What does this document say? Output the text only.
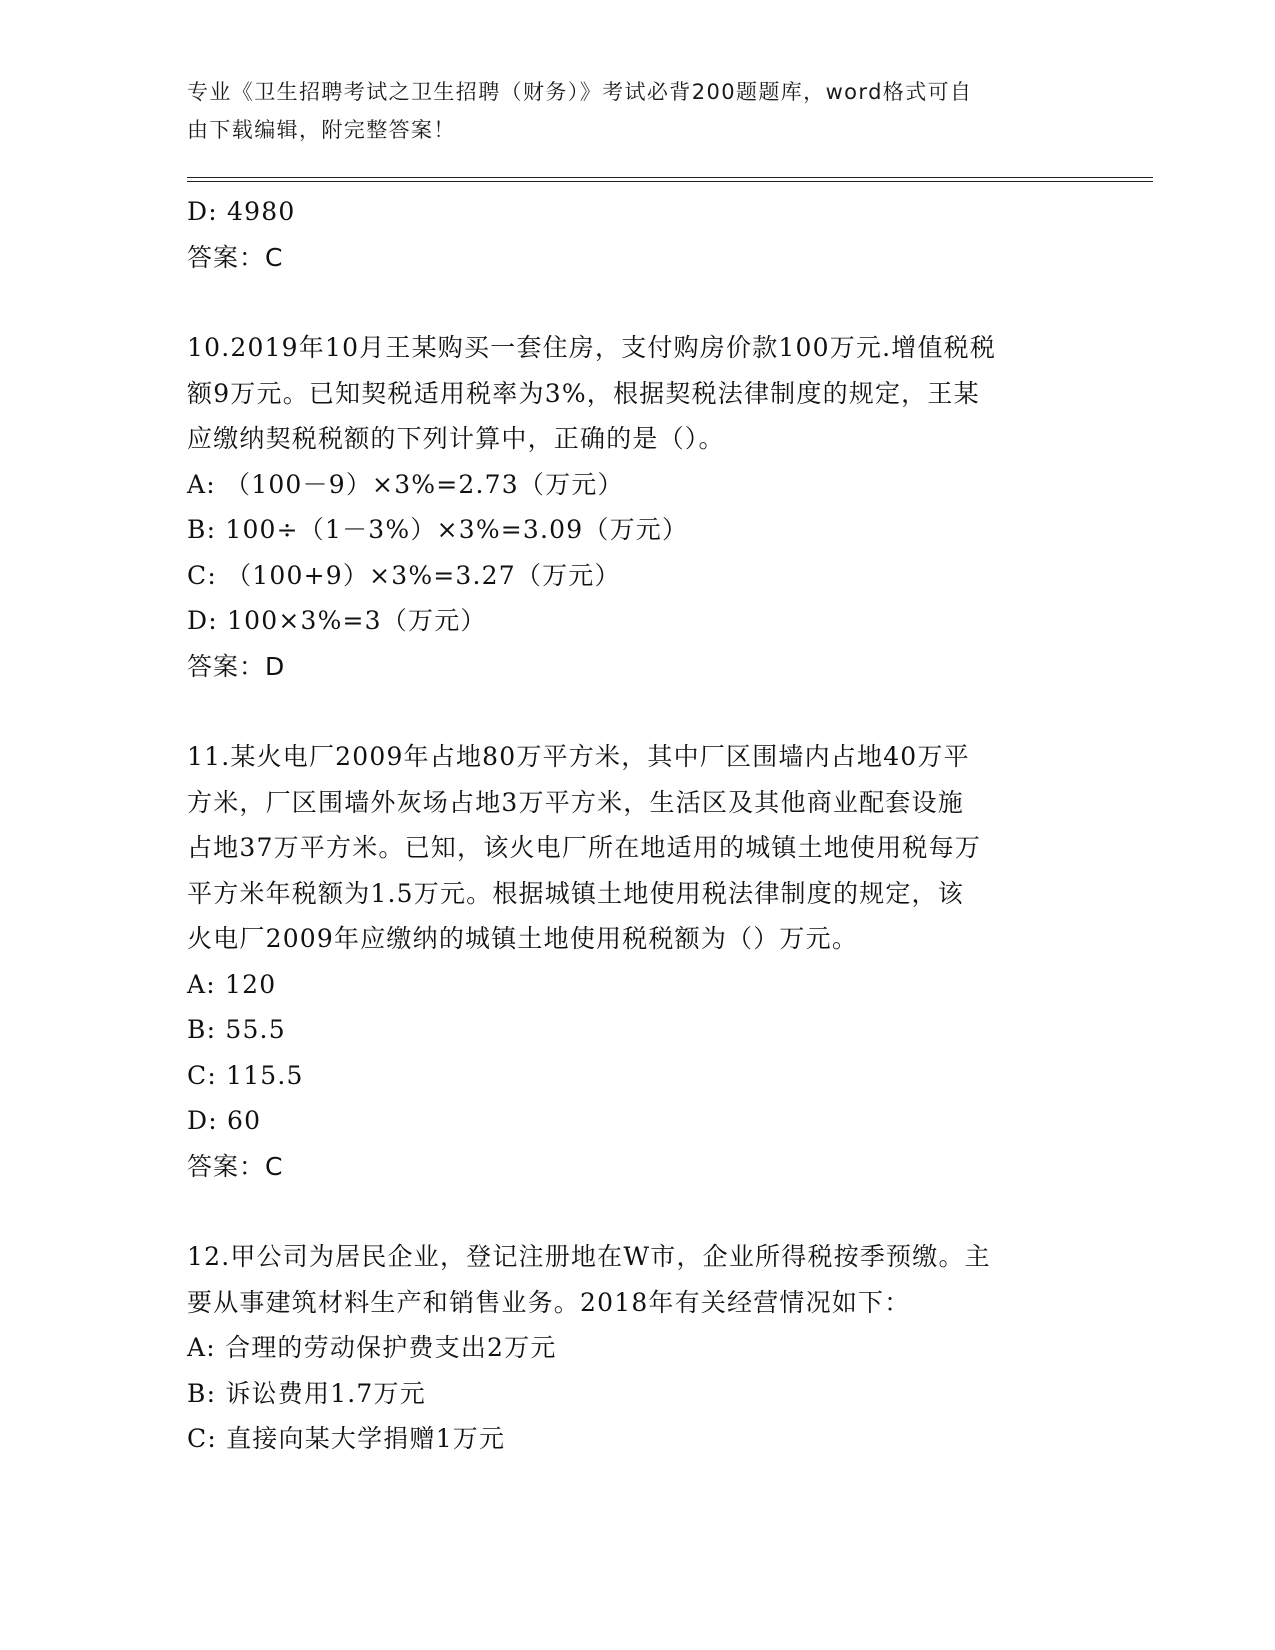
专业《卫生招聘考试之卫生招聘（财务）》考试必背200题题库，word格式可自
由下载编辑，附完整答案！
D: 4980
答案：C
10.2019年10月王某购买一套住房，支付购房价款100万元.增值税税
额9万元。已知契税适用税率为3%，根据契税法律制度的规定，王某
应缴纳契税税额的下列计算中，正确的是（）。
A: （100－9）×3%=2.73（万元）
B: 100÷（1－3%）×3%=3.09（万元）
C: （100+9）×3%=3.27（万元）
D: 100×3%=3（万元）
答案：D
11.某火电厂2009年占地80万平方米，其中厂区围墙内占地40万平
方米，厂区围墙外灰场占地3万平方米，生活区及其他商业配套设施
占地37万平方米。已知，该火电厂所在地适用的城镇土地使用税每万
平方米年税额为1.5万元。根据城镇土地使用税法律制度的规定，该
火电厂2009年应缴纳的城镇土地使用税税额为（）万元。
A: 120
B: 55.5
C: 115.5
D: 60
答案：C
12.甲公司为居民企业，登记注册地在W市，企业所得税按季预缴。主
要从事建筑材料生产和销售业务。2018年有关经营情况如下：
A: 合理的劳动保护费支出2万元
B: 诉讼费用1.7万元
C: 直接向某大学捐赠1万元
